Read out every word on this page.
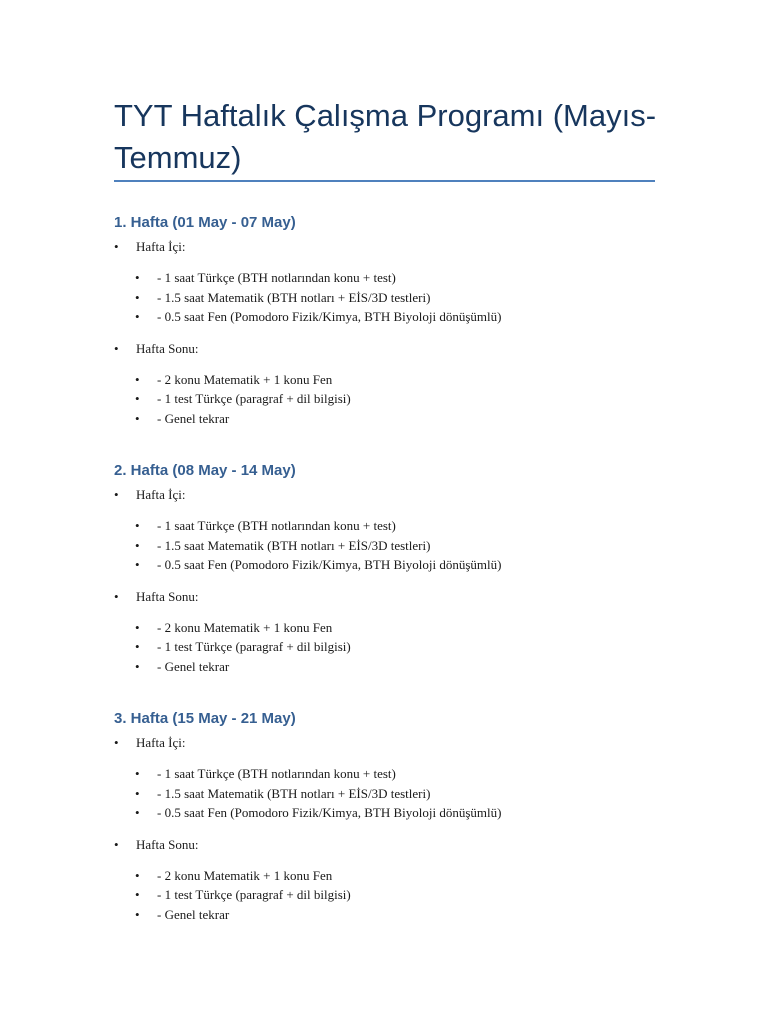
TYT Haftalık Çalışma Programı (Mayıs-Temmuz)
1. Hafta (01 May - 07 May)
• Hafta İçi:
• - 1 saat Türkçe (BTH notlarından konu + test)
• - 1.5 saat Matematik (BTH notları + EİS/3D testleri)
• - 0.5 saat Fen (Pomodoro Fizik/Kimya, BTH Biyoloji dönüşümlü)
• Hafta Sonu:
• - 2 konu Matematik + 1 konu Fen
• - 1 test Türkçe (paragraf + dil bilgisi)
• - Genel tekrar
2. Hafta (08 May - 14 May)
• Hafta İçi:
• - 1 saat Türkçe (BTH notlarından konu + test)
• - 1.5 saat Matematik (BTH notları + EİS/3D testleri)
• - 0.5 saat Fen (Pomodoro Fizik/Kimya, BTH Biyoloji dönüşümlü)
• Hafta Sonu:
• - 2 konu Matematik + 1 konu Fen
• - 1 test Türkçe (paragraf + dil bilgisi)
• - Genel tekrar
3. Hafta (15 May - 21 May)
• Hafta İçi:
• - 1 saat Türkçe (BTH notlarından konu + test)
• - 1.5 saat Matematik (BTH notları + EİS/3D testleri)
• - 0.5 saat Fen (Pomodoro Fizik/Kimya, BTH Biyoloji dönüşümlü)
• Hafta Sonu:
• - 2 konu Matematik + 1 konu Fen
• - 1 test Türkçe (paragraf + dil bilgisi)
• - Genel tekrar
